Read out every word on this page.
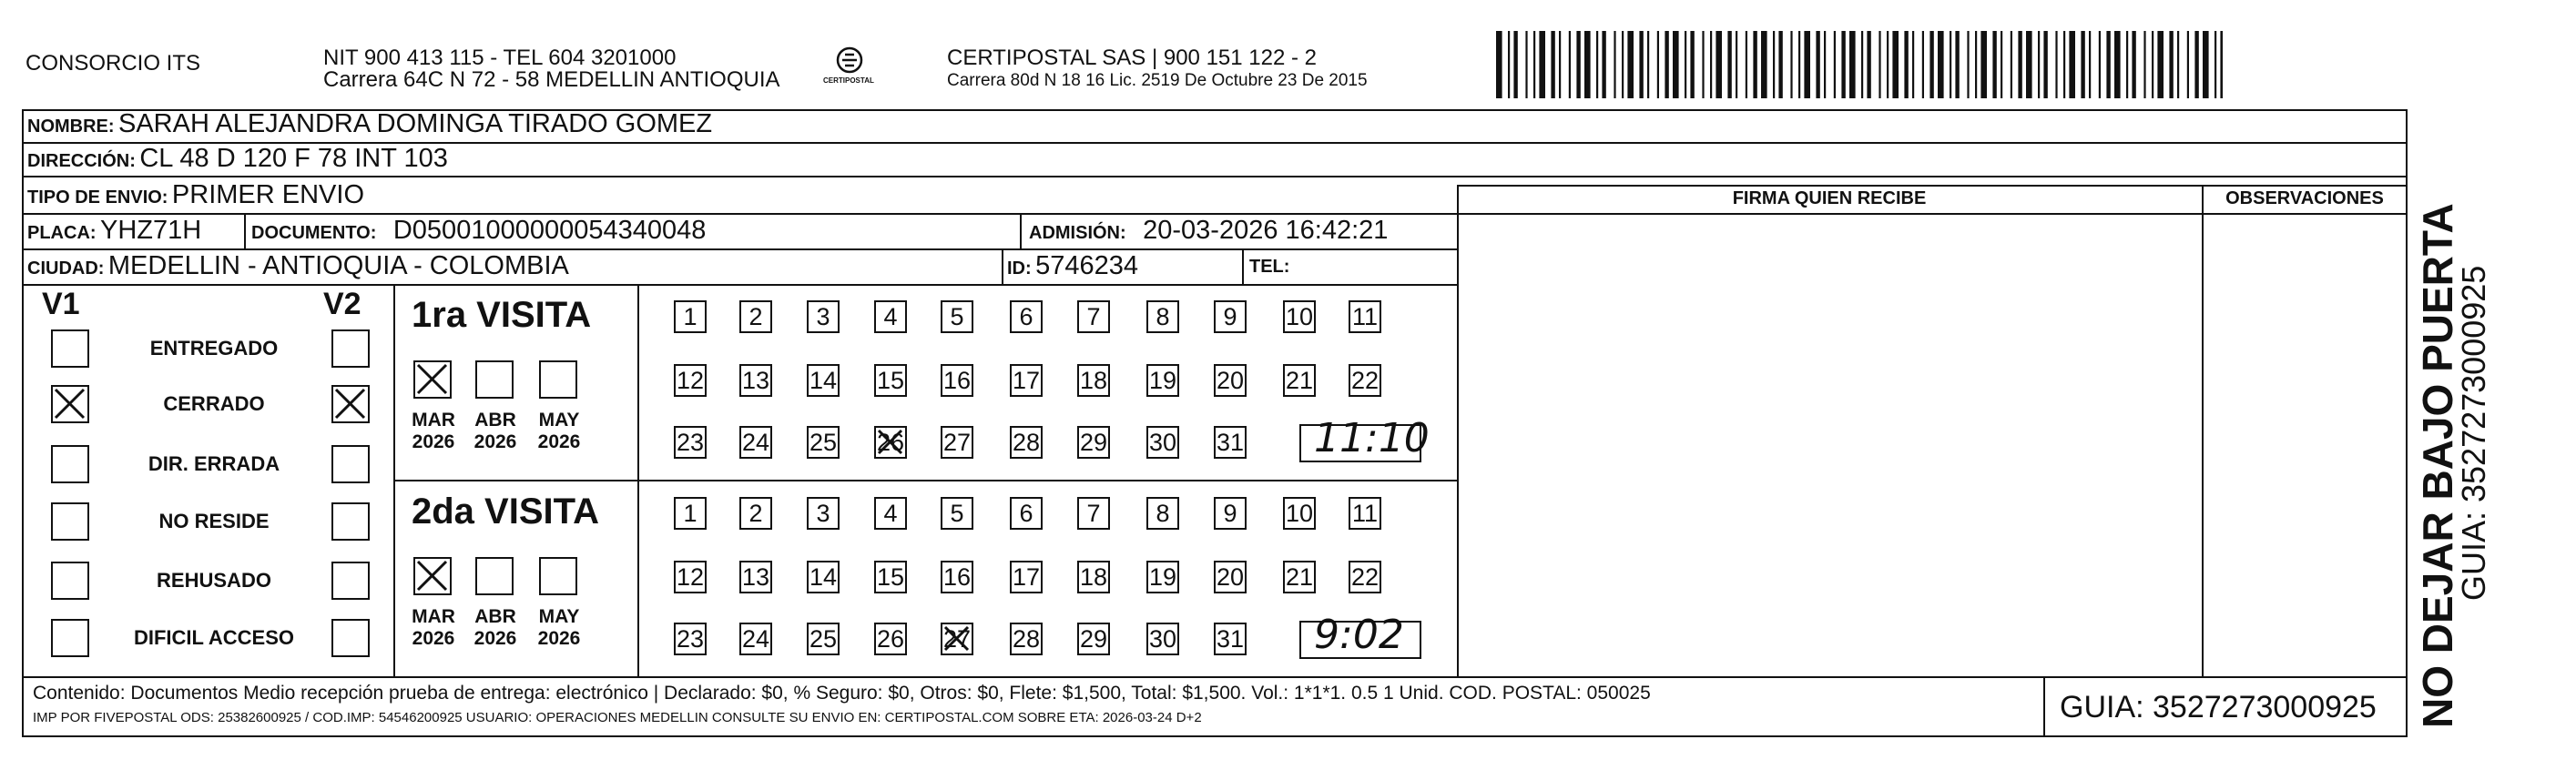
CONSORCIO ITS	NIT 900 413 115 - TEL 604 3201000
Carrera 64C N 72 - 58 MEDELLIN ANTIOQUIA	CERTIPOSTAL
CERTIPOSTAL SAS | 900 151 122 - 2
Carrera 80d N 18 16 Lic. 2519 De Octubre 23 De 2015
FIRMA QUIEN RECIBE	OBSERVACIONES
NOMBRE: SARAH ALEJANDRA DOMINGA TIRADO GOMEZ
DIRECCIÓN: CL 48 D 120 F 78 INT 103
TIPO DE ENVIO: PRIMER ENVIO
PLACA: YHZ71H	DOCUMENTO: D05001000000054340048	ADMISIÓN: 20-03-2026 16:42:21
CIUDAD: MEDELLIN - ANTIOQUIA - COLOMBIA	ID: 5746234	TEL:
V1	V2
ENTREGADO
CERRADO
DIR. ERRADA
NO RESIDE
REHUSADO
DIFICIL ACCESO
1ra VISITA
MAR
2026
ABR
2026
MAY
2026
1	2	3	4	5	6	7	8	9	10 11
12 13 14 15 16 17 18 19 20 21 22
23 24 25 26 27 28 29 30 31 11:10
2da VISITA
MAR
2026
ABR
2026
MAY
2026
1	2	3	4	5	6	7	8	9	10 11
12 13 14 15 16 17 18 19 20 21 22
23 24 25 26 27 28 29 30 31 9:02
Contenido: Documentos Medio recepción prueba de entrega: electrónico | Declarado: $0, % Seguro: $0, Otros: $0, Flete: $1,500, Total: $1,500. Vol.: 1*1*1. 0.5 1 Unid. COD. POSTAL: 050025
IMP POR FIVEPOSTAL ODS: 25382600925 / COD.IMP: 54546200925 USUARIO: OPERACIONES MEDELLIN CONSULTE SU ENVIO EN: CERTIPOSTAL.COM SOBRE ETA: 2026-03-24 D+2	GUIA: 3527273000925 NO DEJAR BAJO PUERTA
GUIA: 3527273000925
